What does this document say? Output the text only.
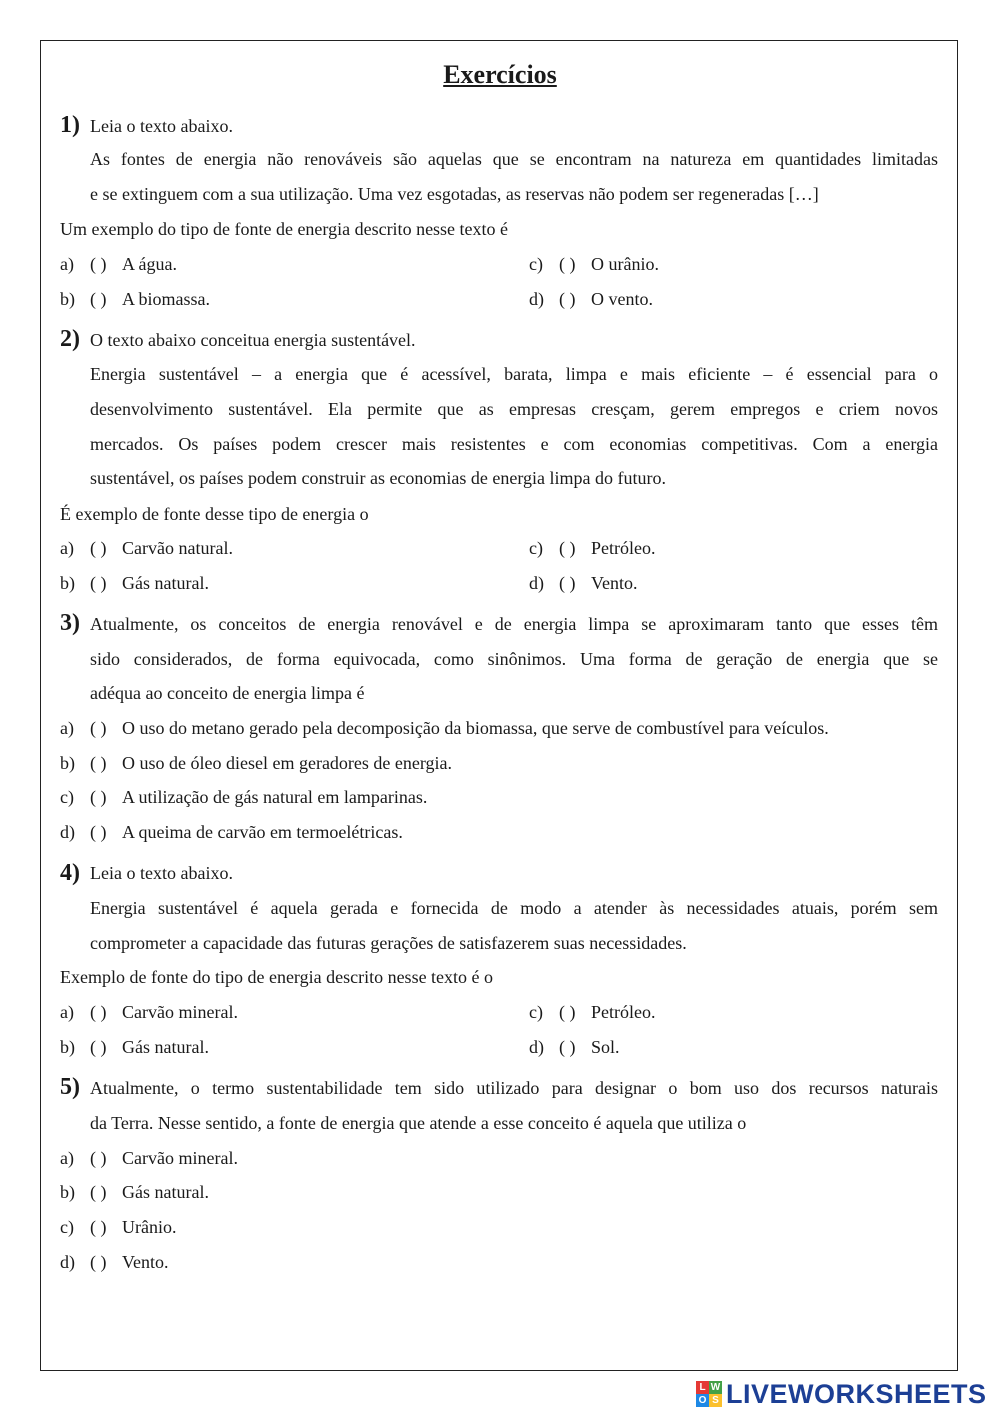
Exercícios
1) Leia o texto abaixo.
As fontes de energia não renováveis são aquelas que se encontram na natureza em quantidades limitadas
e se extinguem com a sua utilização. Uma vez esgotadas, as reservas não podem ser regeneradas […]
Um exemplo do tipo de fonte de energia descrito nesse texto é
a) ( ) A água.
b) ( ) A biomassa.
c) ( ) O urânio.
d) ( ) O vento.
2) O texto abaixo conceitua energia sustentável.
Energia sustentável – a energia que é acessível, barata, limpa e mais eficiente – é essencial para o
desenvolvimento sustentável. Ela permite que as empresas cresçam, gerem empregos e criem novos
mercados. Os países podem crescer mais resistentes e com economias competitivas. Com a energia
sustentável, os países podem construir as economias de energia limpa do futuro.
É exemplo de fonte desse tipo de energia o
a) ( ) Carvão natural.
b) ( ) Gás natural.
c) ( ) Petróleo.
d) ( ) Vento.
3) Atualmente, os conceitos de energia renovável e de energia limpa se aproximaram tanto que esses têm
sido considerados, de forma equivocada, como sinônimos. Uma forma de geração de energia que se
adéqua ao conceito de energia limpa é
a) ( ) O uso do metano gerado pela decomposição da biomassa, que serve de combustível para veículos.
b) ( ) O uso de óleo diesel em geradores de energia.
c) ( ) A utilização de gás natural em lamparinas.
d) ( ) A queima de carvão em termoelétricas.
4) Leia o texto abaixo.
Energia sustentável é aquela gerada e fornecida de modo a atender às necessidades atuais, porém sem
comprometer a capacidade das futuras gerações de satisfazerem suas necessidades.
Exemplo de fonte do tipo de energia descrito nesse texto é o
a) ( ) Carvão mineral.
b) ( ) Gás natural.
c) ( ) Petróleo.
d) ( ) Sol.
5) Atualmente, o termo sustentabilidade tem sido utilizado para designar o bom uso dos recursos naturais
da Terra. Nesse sentido, a fonte de energia que atende a esse conceito é aquela que utiliza o
a) ( ) Carvão mineral.
b) ( ) Gás natural.
c) ( ) Urânio.
d) ( ) Vento.
L W
O S LIVEWORKSHEETS
